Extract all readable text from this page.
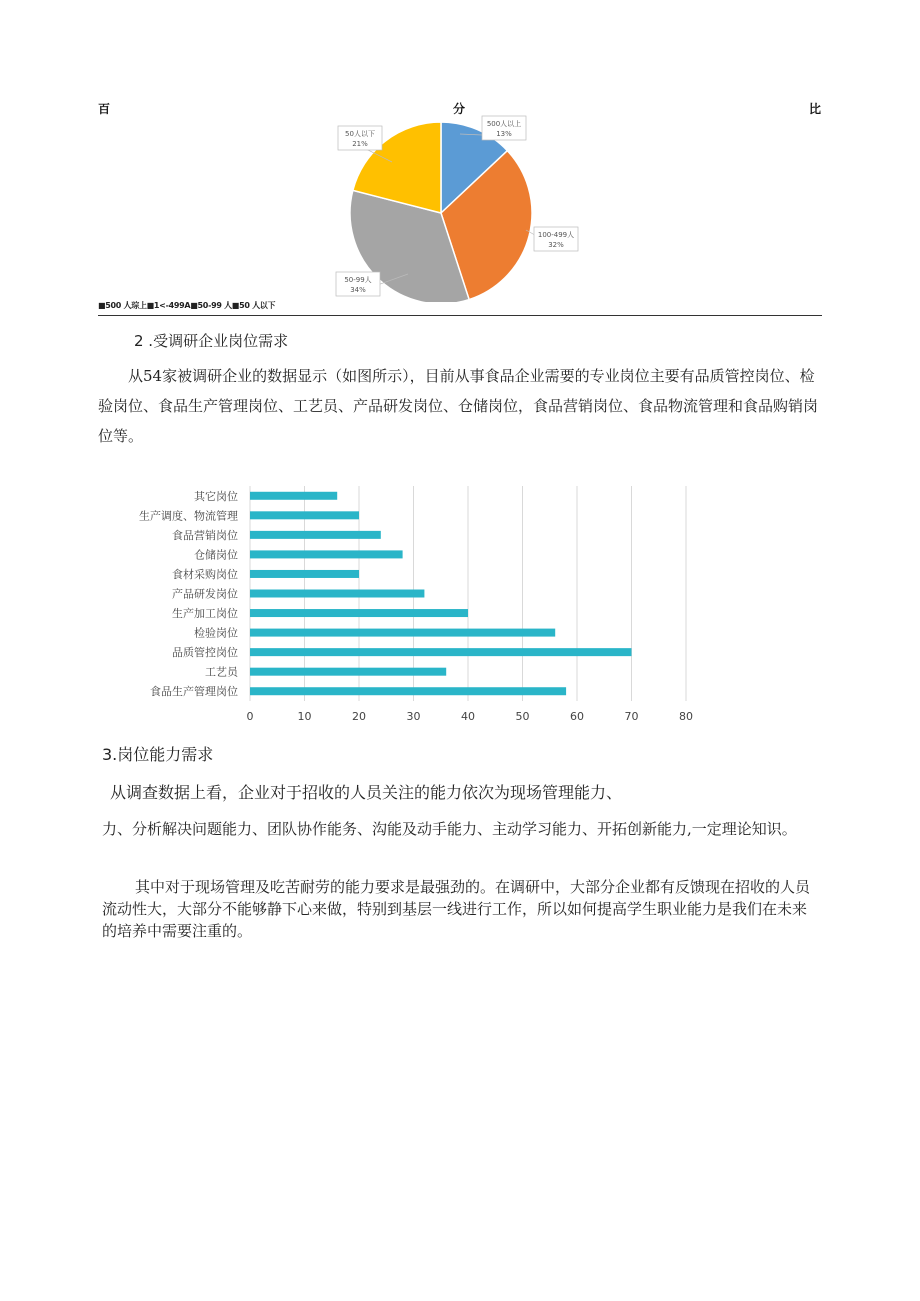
百	分	比
500人以上
13%
100-499人
32%
50-99人
34%
50人以下
21%
■500 人琮上■1<-499A■50-99 人■50 人以下
2 .受调研企业岗位需求
从54家被调研企业的数据显示（如图所示），目前从事食品企业需要的专业岗位主要有品质管控岗位、检验岗位、食品生产管理岗位、工艺员、产品研发岗位、仓储岗位，食品营销岗位、食品物流管理和食品购销岗位等。
其它岗位
生产调度、物流管理
食品营销岗位
仓储岗位
食材采购岗位
产品研发岗位
生产加工岗位
检验岗位
品质管控岗位
工艺员
食品生产管理岗位
0	10	20	30	40	50	60	70	80
3.岗位能力需求
从调查数据上看，企业对于招收的人员关注的能力依次为现场管理能力、
力、分析解决问题能力、团队协作能务、沟能及动手能力、主动学习能力、开拓创新能力,一定理论知识。
其中对于现场管理及吃苦耐劳的能力要求是最强劲的。在调研中，大部分企业都有反馈现在招收的人员流动性大，大部分不能够静下心来做，特别到基层一线进行工作，所以如何提高学生职业能力是我们在未来的培养中需要注重的。
